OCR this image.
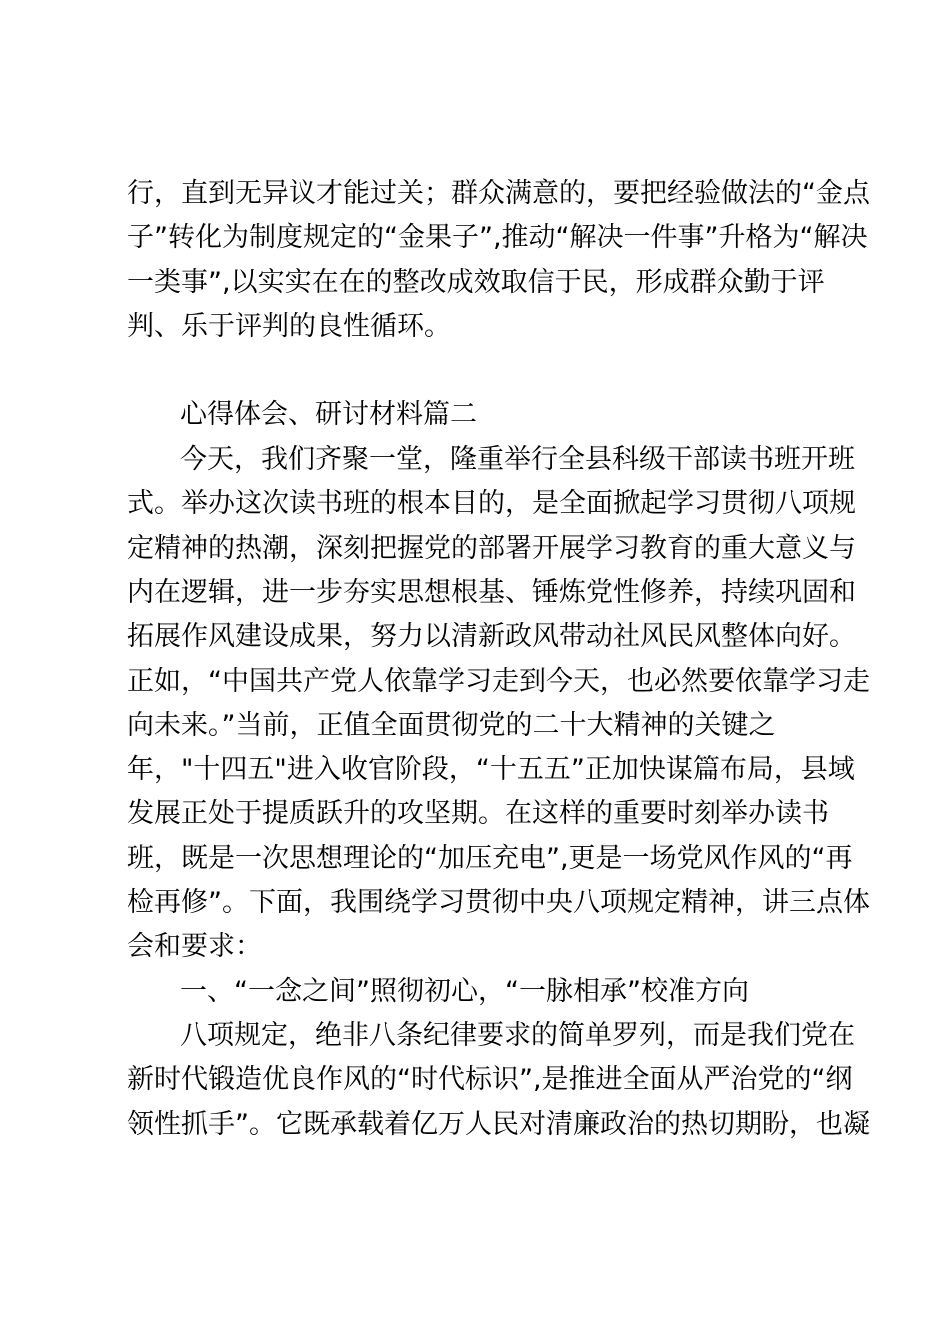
行，直到无异议才能过关；群众满意的，要把经验做法的“金点
子”转化为制度规定的“金果子”,推动“解决一件事”升格为“解决
一类事”,以实实在在的整改成效取信于民，形成群众勤于评
判、乐于评判的良性循环。
心得体会、研讨材料篇二
今天，我们齐聚一堂，隆重举行全县科级干部读书班开班
式。举办这次读书班的根本目的，是全面掀起学习贯彻八项规
定精神的热潮，深刻把握党的部署开展学习教育的重大意义与
内在逻辑，进一步夯实思想根基、锤炼党性修养，持续巩固和
拓展作风建设成果，努力以清新政风带动社风民风整体向好。
正如，“中国共产党人依靠学习走到今天，也必然要依靠学习走
向未来。”当前，正值全面贯彻党的二十大精神的关键之
年，"十四五"进入收官阶段，“十五五”正加快谋篇布局，县域
发展正处于提质跃升的攻坚期。在这样的重要时刻举办读书
班，既是一次思想理论的“加压充电”,更是一场党风作风的“再
检再修”。下面，我围绕学习贯彻中央八项规定精神，讲三点体
会和要求：
一、“一念之间”照彻初心，“一脉相承”校准方向
八项规定，绝非八条纪律要求的简单罗列，而是我们党在
新时代锻造优良作风的“时代标识”,是推进全面从严治党的“纲
领性抓手”。它既承载着亿万人民对清廉政治的热切期盼，也凝
